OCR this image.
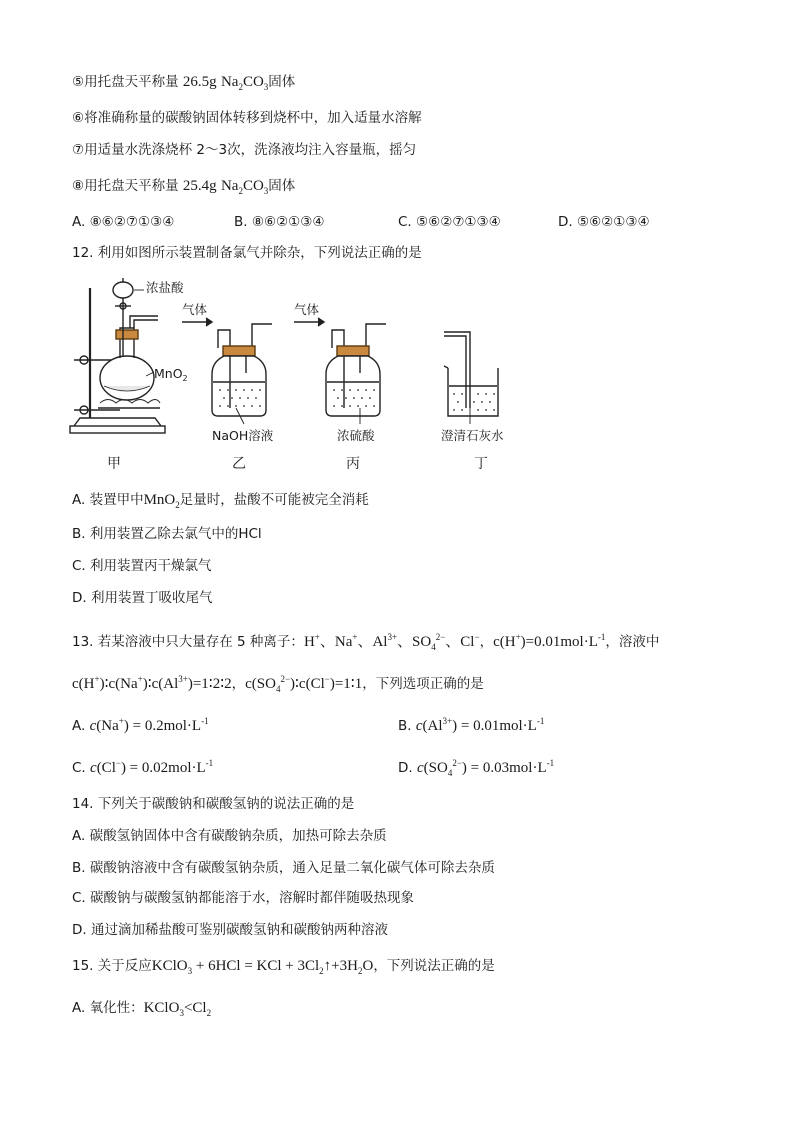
⑤用托盘天平称量 26.5g $Na_2CO_3$固体
⑥将准确称量的碳酸钠固体转移到烧杯中，加入适量水溶解
⑦用适量水洗涤烧杯 2～3次，洗涤液均注入容量瓶，摇匀
⑧用托盘天平称量 25.4g $Na_2CO_3$固体
A. ⑧⑥②⑦①③④	B. ⑧⑥②①③④	C. ⑤⑥②⑦①③④	D. ⑤⑥②①③④
12. 利用如图所示装置制备氯气并除杂，下列说法正确的是
浓盐酸
MnO$_2$
气体	气体
NaOH溶液	浓硫酸	澄清石灰水
甲	乙	丙	丁
A. 装置甲中MnO$_2$足量时，盐酸不可能被完全消耗
B. 利用装置乙除去氯气中的HCl
C. 利用装置丙干燥氯气
D. 利用装置丁吸收尾气
13. 若某溶液中只大量存在 5 种离子：H+、Na+、$Al^{3+}$、$SO_4^{2-}$、Cl−，$c(H^+)=0.01mol\cdot L^{-1}$，溶液中
$c(H^+)∶c(Na^+)∶c(Al^{3+})=1∶2∶2$，$c(SO_4^{2-})∶c(Cl^-)=1∶1$，下列选项正确的是
A. $c(Na^+) = 0.2mol\cdot L^{-1}$	B. $c(Al^{3+}) = 0.01mol\cdot L^{-1}$
C. $c(Cl^-) = 0.02mol\cdot L^{-1}$	D. $c(SO_4^{2-}) = 0.03mol\cdot L^{-1}$
14. 下列关于碳酸钠和碳酸氢钠的说法正确的是
A. 碳酸氢钠固体中含有碳酸钠杂质，加热可除去杂质
B. 碳酸钠溶液中含有碳酸氢钠杂质，通入足量二氧化碳气体可除去杂质
C. 碳酸钠与碳酸氢钠都能溶于水，溶解时都伴随吸热现象
D. 通过滴加稀盐酸可鉴别碳酸氢钠和碳酸钠两种溶液
15. 关于反应KClO$_3$ + 6HCl = KCl + $3Cl_2↑+3H_2O$，下列说法正确的是
A. 氧化性：$KClO_3<Cl_2$
